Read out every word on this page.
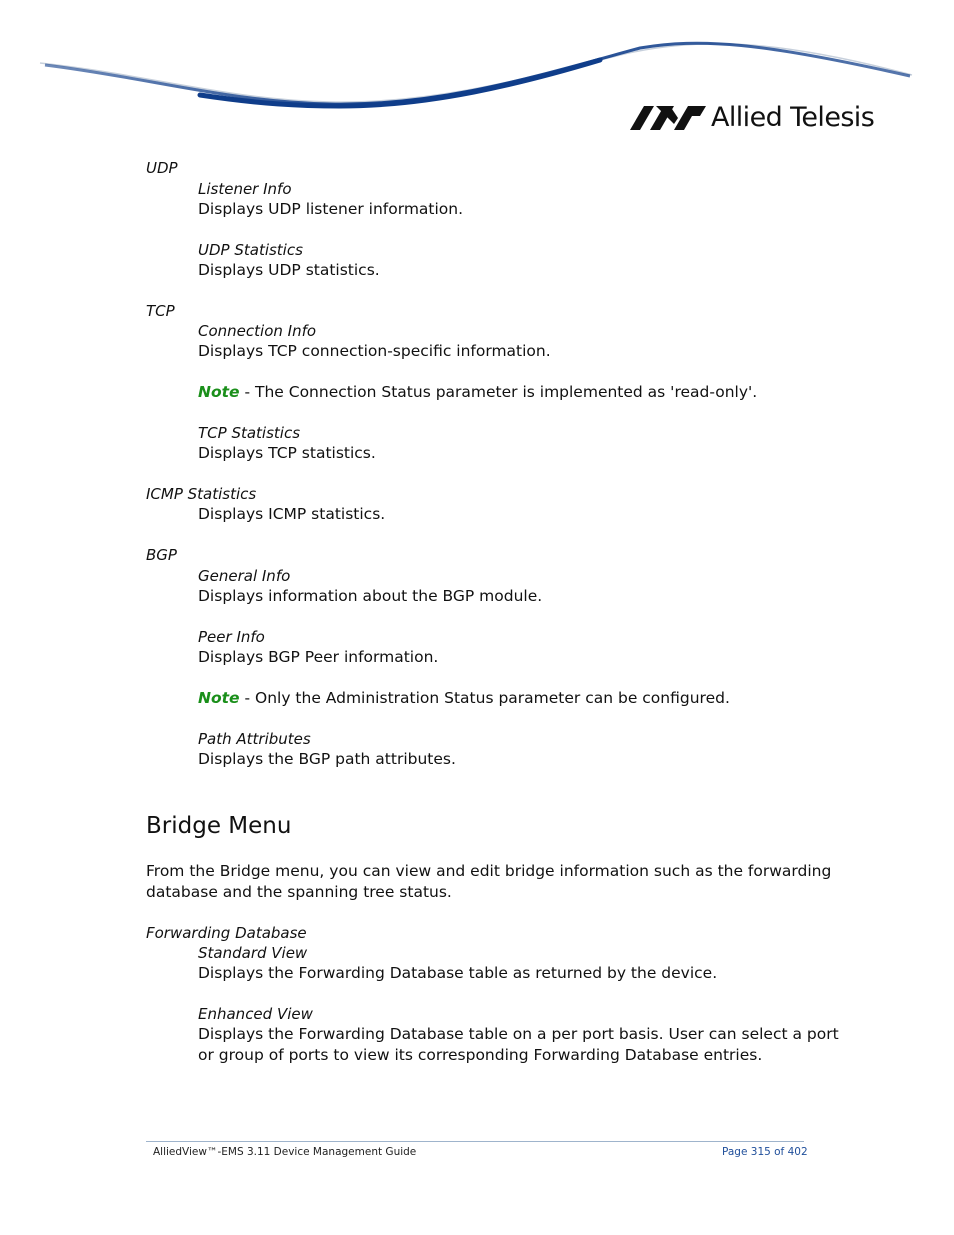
Allied Telesis
UDP
Listener Info
Displays UDP listener information.
UDP Statistics
Displays UDP statistics.
TCP
Connection Info
Displays TCP connection-specific information.
Note - The Connection Status parameter is implemented as 'read-only'.
TCP Statistics
Displays TCP statistics.
ICMP Statistics
Displays ICMP statistics.
BGP
General Info
Displays information about the BGP module.
Peer Info
Displays BGP Peer information.
Note - Only the Administration Status parameter can be configured.
Path Attributes
Displays the BGP path attributes.
Bridge Menu
From the Bridge menu, you can view and edit bridge information such as the forwarding
database and the spanning tree status.
Forwarding Database
Standard View
Displays the Forwarding Database table as returned by the device.
Enhanced View
Displays the Forwarding Database table on a per port basis. User can select a port
or group of ports to view its corresponding Forwarding Database entries.
AlliedView™-EMS 3.11 Device Management Guide	Page 315 of 402
